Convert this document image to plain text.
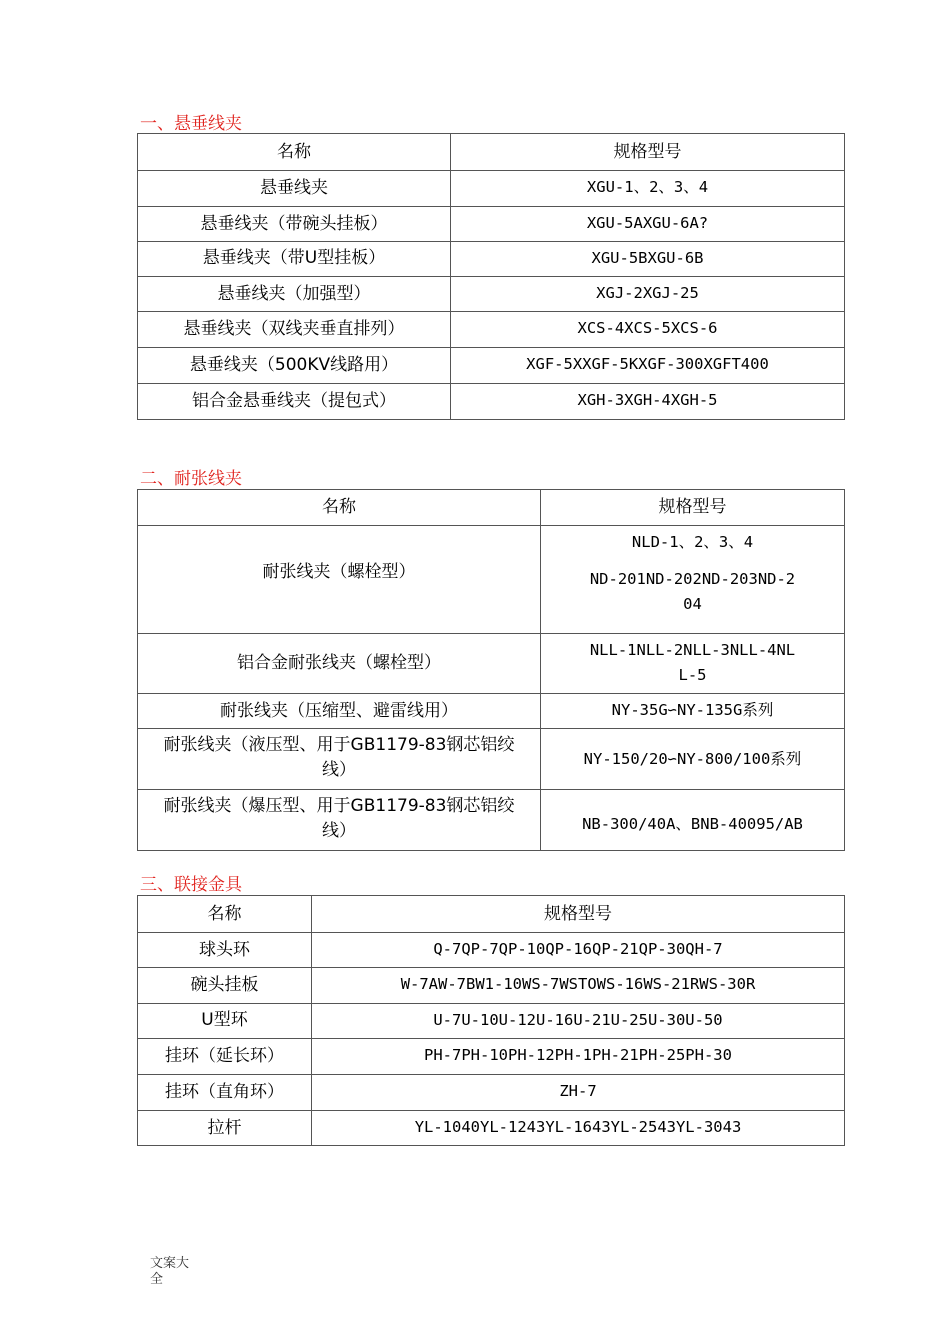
一、悬垂线夹
名称	规格型号
悬垂线夹	XGU-1、2、3、4
悬垂线夹（带碗头挂板）	XGU-5AXGU-6A?
悬垂线夹（带U型挂板）	XGU-5BXGU-6B
悬垂线夹（加强型）	XGJ-2XGJ-25
悬垂线夹（双线夹垂直排列）	XCS-4XCS-5XCS-6
悬垂线夹（500KV线路用）	XGF-5XXGF-5KXGF-300XGFT400
铝合金悬垂线夹（提包式）	XGH-3XGH-4XGH-5
二、耐张线夹
名称	规格型号
耐张线夹（螺栓型）	NLD-1、2、3、4
ND-201ND-202ND-203ND-2
04

铝合金耐张线夹（螺栓型）	NLL-1NLL-2NLL-3NLL-4NL
L-5

耐张线夹（压缩型、避雷线用）	NY-35G∽NY-135G系列

耐张线夹（液压型、用于GB1179-83钢芯铝绞
线）	NY-150/20∽NY-800/100系列

耐张线夹（爆压型、用于GB1179-83钢芯铝绞
线）	NB-300/40A、BNB-40095/AB
三、联接金具
名称	规格型号
球头环	Q-7QP-7QP-10QP-16QP-21QP-30QH-7
碗头挂板	W-7AW-7BW1-10WS-7WSTOWS-16WS-21RWS-30R
U型环	U-7U-10U-12U-16U-21U-25U-30U-50
挂环（延长环）	PH-7PH-10PH-12PH-1PH-21PH-25PH-30
挂环（直角环）	ZH-7
拉杆	YL-1040YL-1243YL-1643YL-2543YL-3043
文案大全
